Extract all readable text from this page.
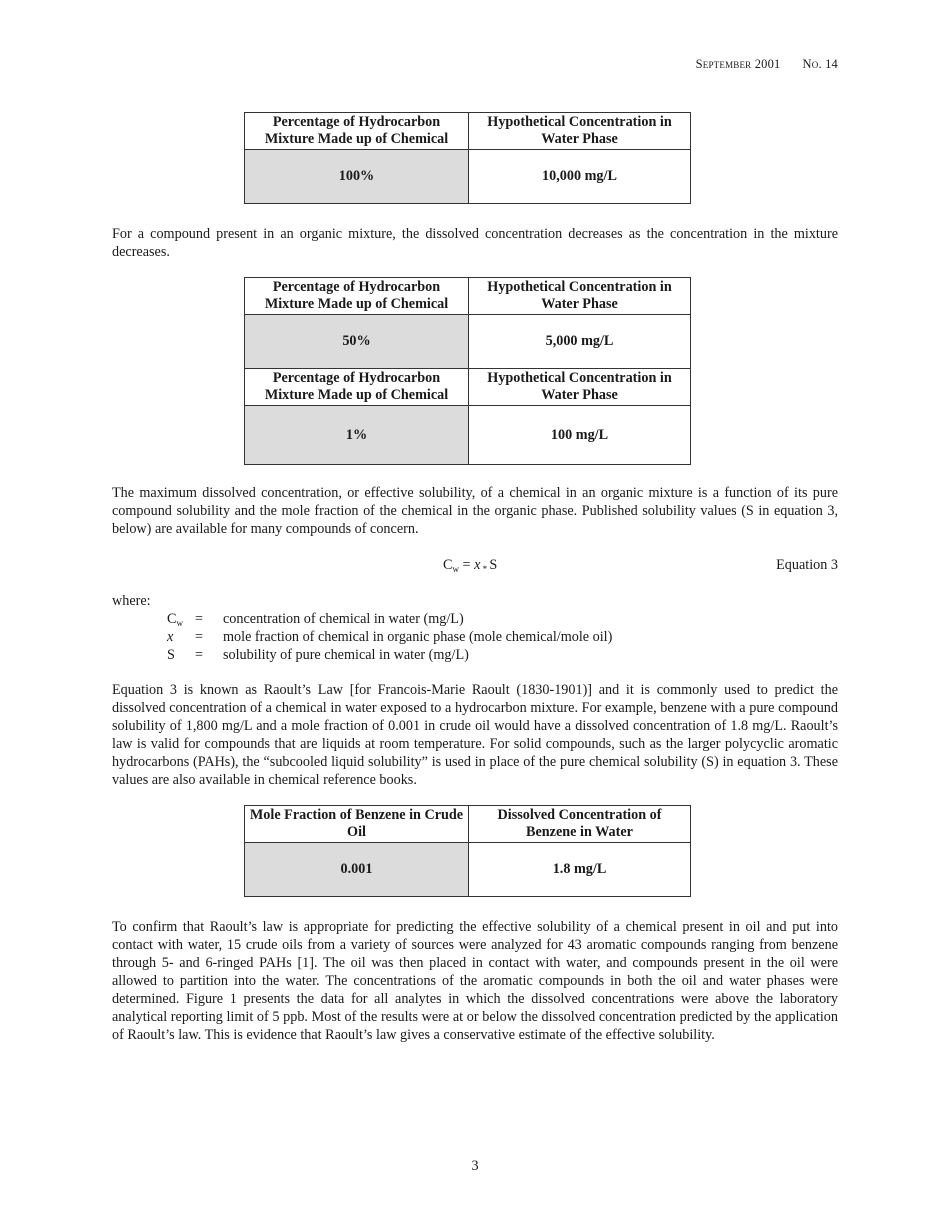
September 2001 No. 14
Percentage of Hydrocarbon Mixture Made up of Chemical	Hypothetical Concentration in Water Phase
100%	10,000 mg/L
For a compound present in an organic mixture, the dissolved concentration decreases as the concentration in the mixture decreases.
Percentage of Hydrocarbon Mixture Made up of Chemical	Hypothetical Concentration in Water Phase
50%	5,000 mg/L
Percentage of Hydrocarbon Mixture Made up of Chemical	Hypothetical Concentration in Water Phase
1%	100 mg/L
The maximum dissolved concentration, or effective solubility, of a chemical in an organic mixture is a function of its pure compound solubility and the mole fraction of the chemical in the organic phase. Published solubility values (S in equation 3, below) are available for many compounds of concern.
$C_w = x$ $_*$ S	Equation 3
where:
$C_w$ = concentration of chemical in water (mg/L)
x = mole fraction of chemical in organic phase (mole chemical/mole oil)
S = solubility of pure chemical in water (mg/L)
Equation 3 is known as Raoult’s Law [for Francois-Marie Raoult (1830-1901)] and it is commonly used to predict the dissolved concentration of a chemical in water exposed to a hydrocarbon mixture. For example, benzene with a pure compound solubility of 1,800 mg/L and a mole fraction of 0.001 in crude oil would have a dissolved concentration of 1.8 mg/L. Raoult’s law is valid for compounds that are liquids at room temperature. For solid compounds, such as the larger polycyclic aromatic hydrocarbons (PAHs), the “subcooled liquid solubility” is used in place of the pure chemical solubility (S) in equation 3. These values are also available in chemical reference books.
Mole Fraction of Benzene in Crude Oil	Dissolved Concentration of Benzene in Water
0.001	1.8 mg/L
To confirm that Raoult’s law is appropriate for predicting the effective solubility of a chemical present in oil and put into contact with water, 15 crude oils from a variety of sources were analyzed for 43 aromatic compounds ranging from benzene through 5- and 6-ringed PAHs [1]. The oil was then placed in contact with water, and compounds present in the oil were allowed to partition into the water. The concentrations of the aromatic compounds in both the oil and water phases were determined. Figure 1 presents the data for all analytes in which the dissolved concentrations were above the laboratory analytical reporting limit of 5 ppb. Most of the results were at or below the dissolved concentration predicted by the application of Raoult’s law. This is evidence that Raoult’s law gives a conservative estimate of the effective solubility.
3
